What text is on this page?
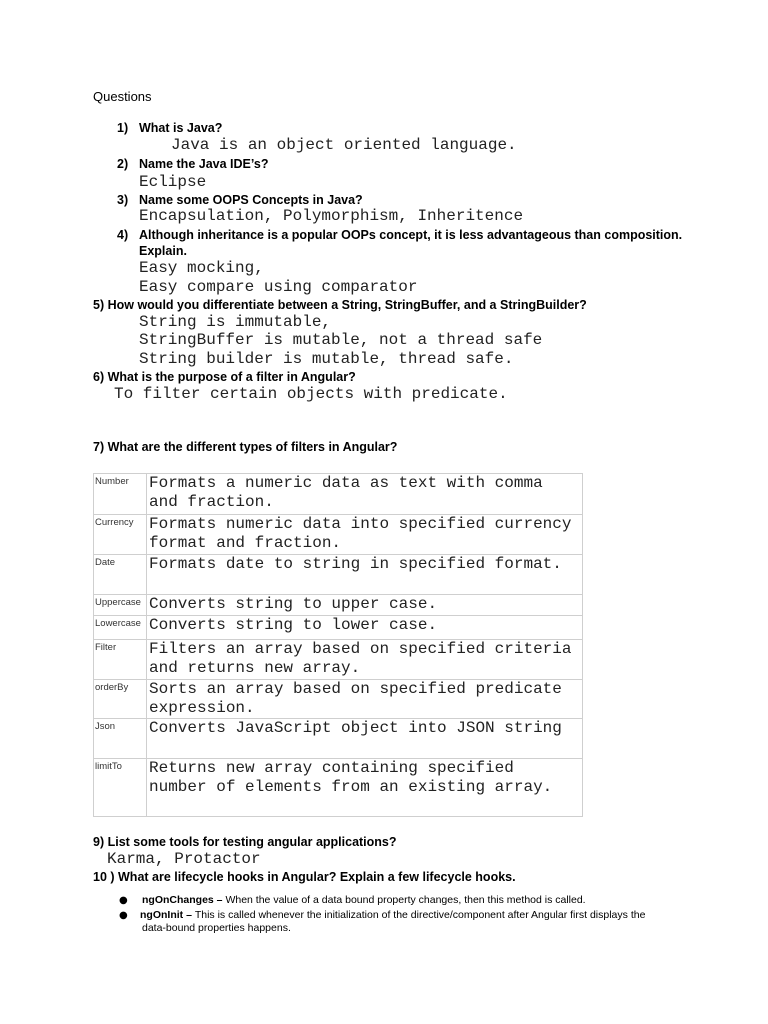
Questions
1) What is Java?
Java is an object oriented language.
2) Name the Java IDE’s?
Eclipse
3) Name some OOPS Concepts in Java?
Encapsulation, Polymorphism, Inheritence
4) Although inheritance is a popular OOPs concept, it is less advantageous than composition.
Explain.
Easy mocking,
Easy compare using comparator
5) How would you differentiate between a String, StringBuffer, and a StringBuilder?
String is immutable,
StringBuffer is mutable, not a thread safe
String builder is mutable, thread safe.
6) What is the purpose of a filter in Angular?
To filter certain objects with predicate.
7) What are the different types of filters in Angular?
Number	Formats a numeric data as text with comma and fraction.
Currency	Formats numeric data into specified currency format and fraction.
Date	Formats date to string in specified format.
Uppercase	Converts string to upper case.
Lowercase	Converts string to lower case.
Filter	Filters an array based on specified criteria and returns new array.
orderBy	Sorts an array based on specified predicate expression.
Json	Converts JavaScript object into JSON string
limitTo	Returns new array containing specified number of elements from an existing array.
9) List some tools for testing angular applications?
Karma, Protactor
10 ) What are lifecycle hooks in Angular? Explain a few lifecycle hooks.
● ngOnChanges – When the value of a data bound property changes, then this method is called.
● ngOnInit – This is called whenever the initialization of the directive/component after Angular first displays the
data-bound properties happens.
